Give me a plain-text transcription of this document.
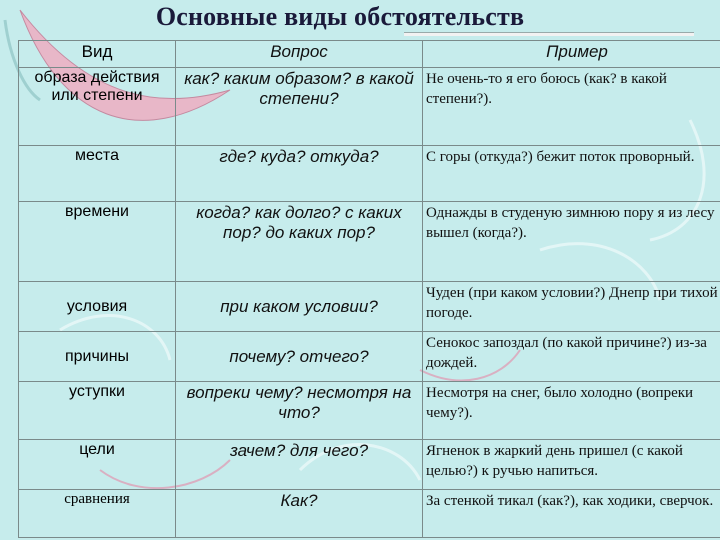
Основные виды обстоятельств
Вид	Вопрос	Пример
образа действия или степени	как? каким образом? в какой степени?	Не очень-то я его боюсь (как? в какой степени?).
места	где? куда? откуда?	С горы (откуда?) бежит поток проворный.
времени	когда? как долго? с каких пор? до каких пор?	Однажды в студеную зимнюю пору я из лесу вышел (когда?).
условия	при каком условии?	Чуден (при каком условии?) Днепр при тихой погоде.
причины	почему? отчего?	Сенокос запоздал (по какой причине?) из-за дождей.
уступки	вопреки чему? несмотря на что?	Несмотря на снег, было холодно (вопреки чему?).
цели	зачем? для чего?	Ягненок в жаркий день пришел (с какой целью?) к ручью напиться.
сравнения	Как?	За стенкой тикал (как?), как ходики, сверчок.
